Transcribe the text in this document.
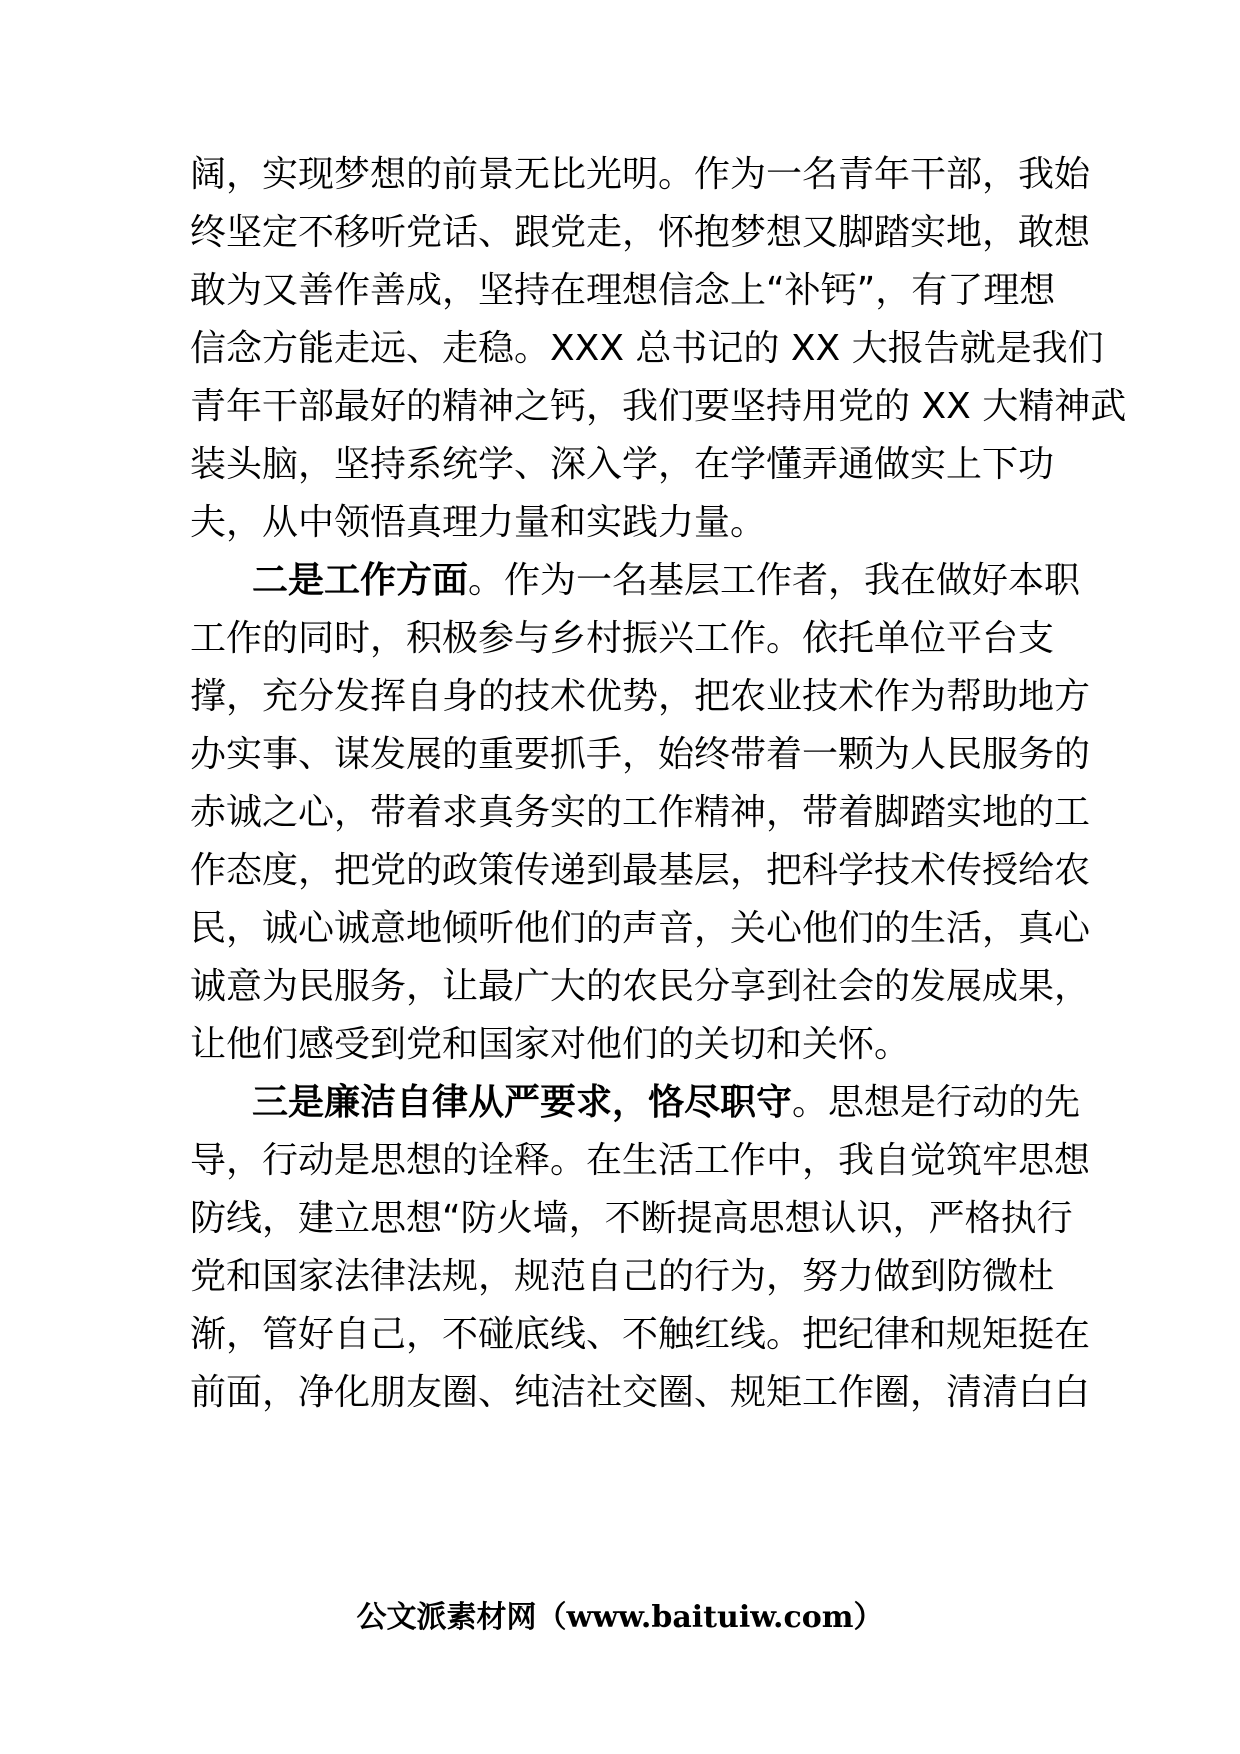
阔，实现梦想的前景无比光明。作为一名青年干部，我始
终坚定不移听党话、跟党走，怀抱梦想又脚踏实地，敢想
敢为又善作善成，坚持在理想信念上“补钙”，有了理想
信念方能走远、走稳。XXX 总书记的 XX 大报告就是我们
青年干部最好的精神之钙，我们要坚持用党的 XX 大精神武
装头脑，坚持系统学、深入学，在学懂弄通做实上下功
夫，从中领悟真理力量和实践力量。
二是工作方面。作为一名基层工作者，我在做好本职
工作的同时，积极参与乡村振兴工作。依托单位平台支
撑，充分发挥自身的技术优势，把农业技术作为帮助地方
办实事、谋发展的重要抓手，始终带着一颗为人民服务的
赤诚之心，带着求真务实的工作精神，带着脚踏实地的工
作态度，把党的政策传递到最基层，把科学技术传授给农
民，诚心诚意地倾听他们的声音，关心他们的生活，真心
诚意为民服务，让最广大的农民分享到社会的发展成果，
让他们感受到党和国家对他们的关切和关怀。
三是廉洁自律从严要求，恪尽职守。思想是行动的先
导，行动是思想的诠释。在生活工作中，我自觉筑牢思想
防线，建立思想“防火墙，不断提高思想认识，严格执行
党和国家法律法规，规范自己的行为，努力做到防微杜
渐，管好自己，不碰底线、不触红线。把纪律和规矩挺在
前面，净化朋友圈、纯洁社交圈、规矩工作圈，清清白白
公文派素材网（www.baituiw.com）
